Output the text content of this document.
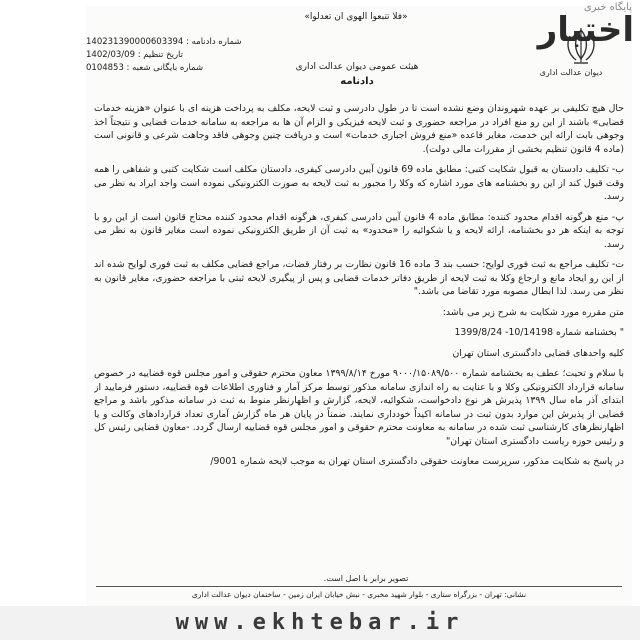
«فلا تتبعوا الهوی ان تعدلوا»
شماره دادنامه : 140231390000603394
تاریخ تنظیم : 1402/03/09
شماره بایگانی شعبه : 0104853	دیوان عدالت اداری
هیئت عمومی دیوان عدالت اداری
دادنامه

حال هیچ تکلیفی بر عهده شهروندان وضع نشده است تا در طول دادرسی و ثبت لایحه، مکلف به پرداخت هزینه ای با عنوان «هزینه خدمات قضایی» باشند از این رو منع افراد در مراجعه حضوری و ثبت لایحه فیزیکی و الزام آن ها به مراجعه به سامانه خدمات قضایی و نتیجتاً اخذ وجوهی بابت ارائه این خدمت، مغایر قاعده «منع فروش اجباری خدمات» است و دریافت چنین وجوهی فاقد وجاهت شرعی و قانونی است (ماده 4 قانون تنظیم بخشی از مقررات مالی دولت).

ب- تکلیف دادستان به قبول شکایت کتبی: مطابق ماده 69 قانون آیین دادرسی کیفری، دادستان مکلف است شکایت کتبی و شفاهی را همه وقت قبول کند از این رو بخشنامه های مورد اشاره که وکلا را مجبور به ثبت لایحه به صورت الکترونیکی نموده است واجد ایراد به نظر می رسد.

پ- منع هرگونه اقدام محدود کننده: مطابق ماده 4 قانون آیین دادرسی کیفری، هرگونه اقدام محدود کننده محتاج قانون است از این رو با توجه به اینکه هر دو بخشنامه، ارائه لایحه و یا شکوائیه را «محدود» به ثبت آن از طریق الکترونیکی نموده است مغایر قانون به نظر می رسد.

ت- تکلیف مراجع به ثبت فوری لوایح: حسب بند 3 ماده 16 قانون نظارت بر رفتار قضات، مراجع قضایی مکلف به ثبت فوری لوایح شده اند از این رو ایجاد مانع و ارجاع وکلا به ثبت لایحه از طریق دفاتر خدمات قضایی و پس از پیگیری لایحه ثبتی با مراجعه حضوری، مغایر قانون به نظر می رسد. لذا ابطال مصوبه مورد تقاضا می باشد."

متن مقرره مورد شکایت به شرح زیر می باشد:

" بخشنامه شماره 10/14198- 1399/8/24

کلیه واحدهای قضایی دادگستری استان تهران

با سلام و تحیت؛ عطف به بخشنامه شماره ۹۰۰۰/۱۵۰۸۹/۵۰۰ مورخ ۱۳۹۹/۸/۱۴ معاون محترم حقوقی و امور مجلس قوه قضاییه در خصوص سامانه قرارداد الکترونیکی وکلا و با عنایت به راه اندازی سامانه مذکور توسط مرکز آمار و فناوری اطلاعات قوه قضاییه، دستور فرمایید از ابتدای آذر ماه سال ۱۳۹۹ پذیرش هر نوع دادخواست، شکوائیه، لایحه، گزارش و اظهارنظر منوط به ثبت در سامانه مذکور باشد و مراجع قضایی از پذیرش این موارد بدون ثبت در سامانه اکیداً خودداری نمایند. ضمناً در پایان هر ماه گزارش آماری تعداد قراردادهای وکالت و یا اظهارنظرهای کارشناسی ثبت شده در سامانه به معاونت محترم حقوقی و امور مجلس قوه قضاییه ارسال گردد. -معاون قضایی رئیس کل و رئیس حوزه ریاست دادگستری استان تهران"

در پاسخ به شکایت مذکور، سرپرست معاونت حقوقی دادگستری استان تهران به موجب لایحه شماره 9001/

تصویر برابر با اصل است.
نشانی: تهران - بزرگراه ستاری - بلوار شهید مخبری - نبش خیابان ایران زمین - ساختمان دیوان عدالت اداری
پایگاه خبری
اختبار
www.ekhtebar.ir
